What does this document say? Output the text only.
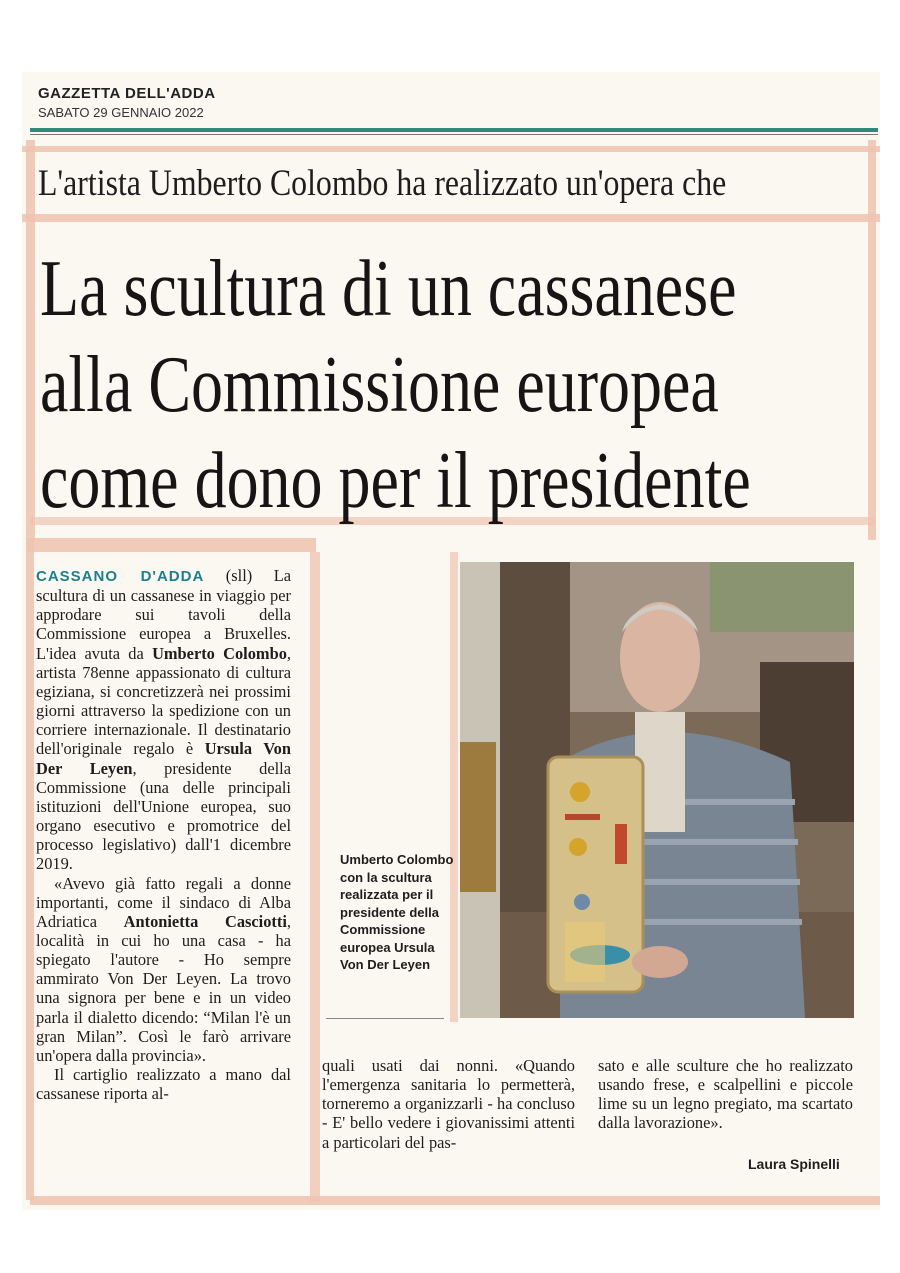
GAZZETTA DELL'ADDA
SABATO 29 GENNAIO 2022
L'artista Umberto Colombo ha realizzato un'opera che
La scultura di un cassanese
alla Commissione europea
come dono per il presidente

CASSANO D'ADDA (sll) La scultura di un cassanese in viaggio per approdare sui tavoli della Commissione europea a Bruxelles. L'idea avuta da Umberto Colombo, artista 78enne appassionato di cultura egiziana, si concretizzerà nei prossimi giorni attraverso la spedizione con un corriere internazionale. Il destinatario dell'originale regalo è Ursula Von Der Leyen, presidente della Commissione (una delle principali istituzioni dell'Unione europea, suo organo esecutivo e promotrice del processo legislativo) dall'1 dicembre 2019.

«Avevo già fatto regali a donne importanti, come il sindaco di Alba Adriatica Antonietta Casciotti, località in cui ho una casa - ha spiegato l'autore - Ho sempre ammirato Von Der Leyen. La trovo una signora per bene e in un video parla il dialetto dicendo: “Milan l'è un gran Milan”. Così le farò arrivare un'opera dalla provincia».

Il cartiglio realizzato a mano dal cassanese riporta al-

Umberto Colombo con la scultura realizzata per il presidente della Commissione europea Ursula Von Der Leyen

quali usati dai nonni. «Quando l'emergenza sanitaria lo permetterà, torneremo a organizzarli - ha concluso - E' bello vedere i giovanissimi attenti a particolari del pas-

sato e alle sculture che ho realizzato usando frese, e scalpellini e piccole lime su un legno pregiato, ma scartato dalla lavorazione».

Laura Spinelli
